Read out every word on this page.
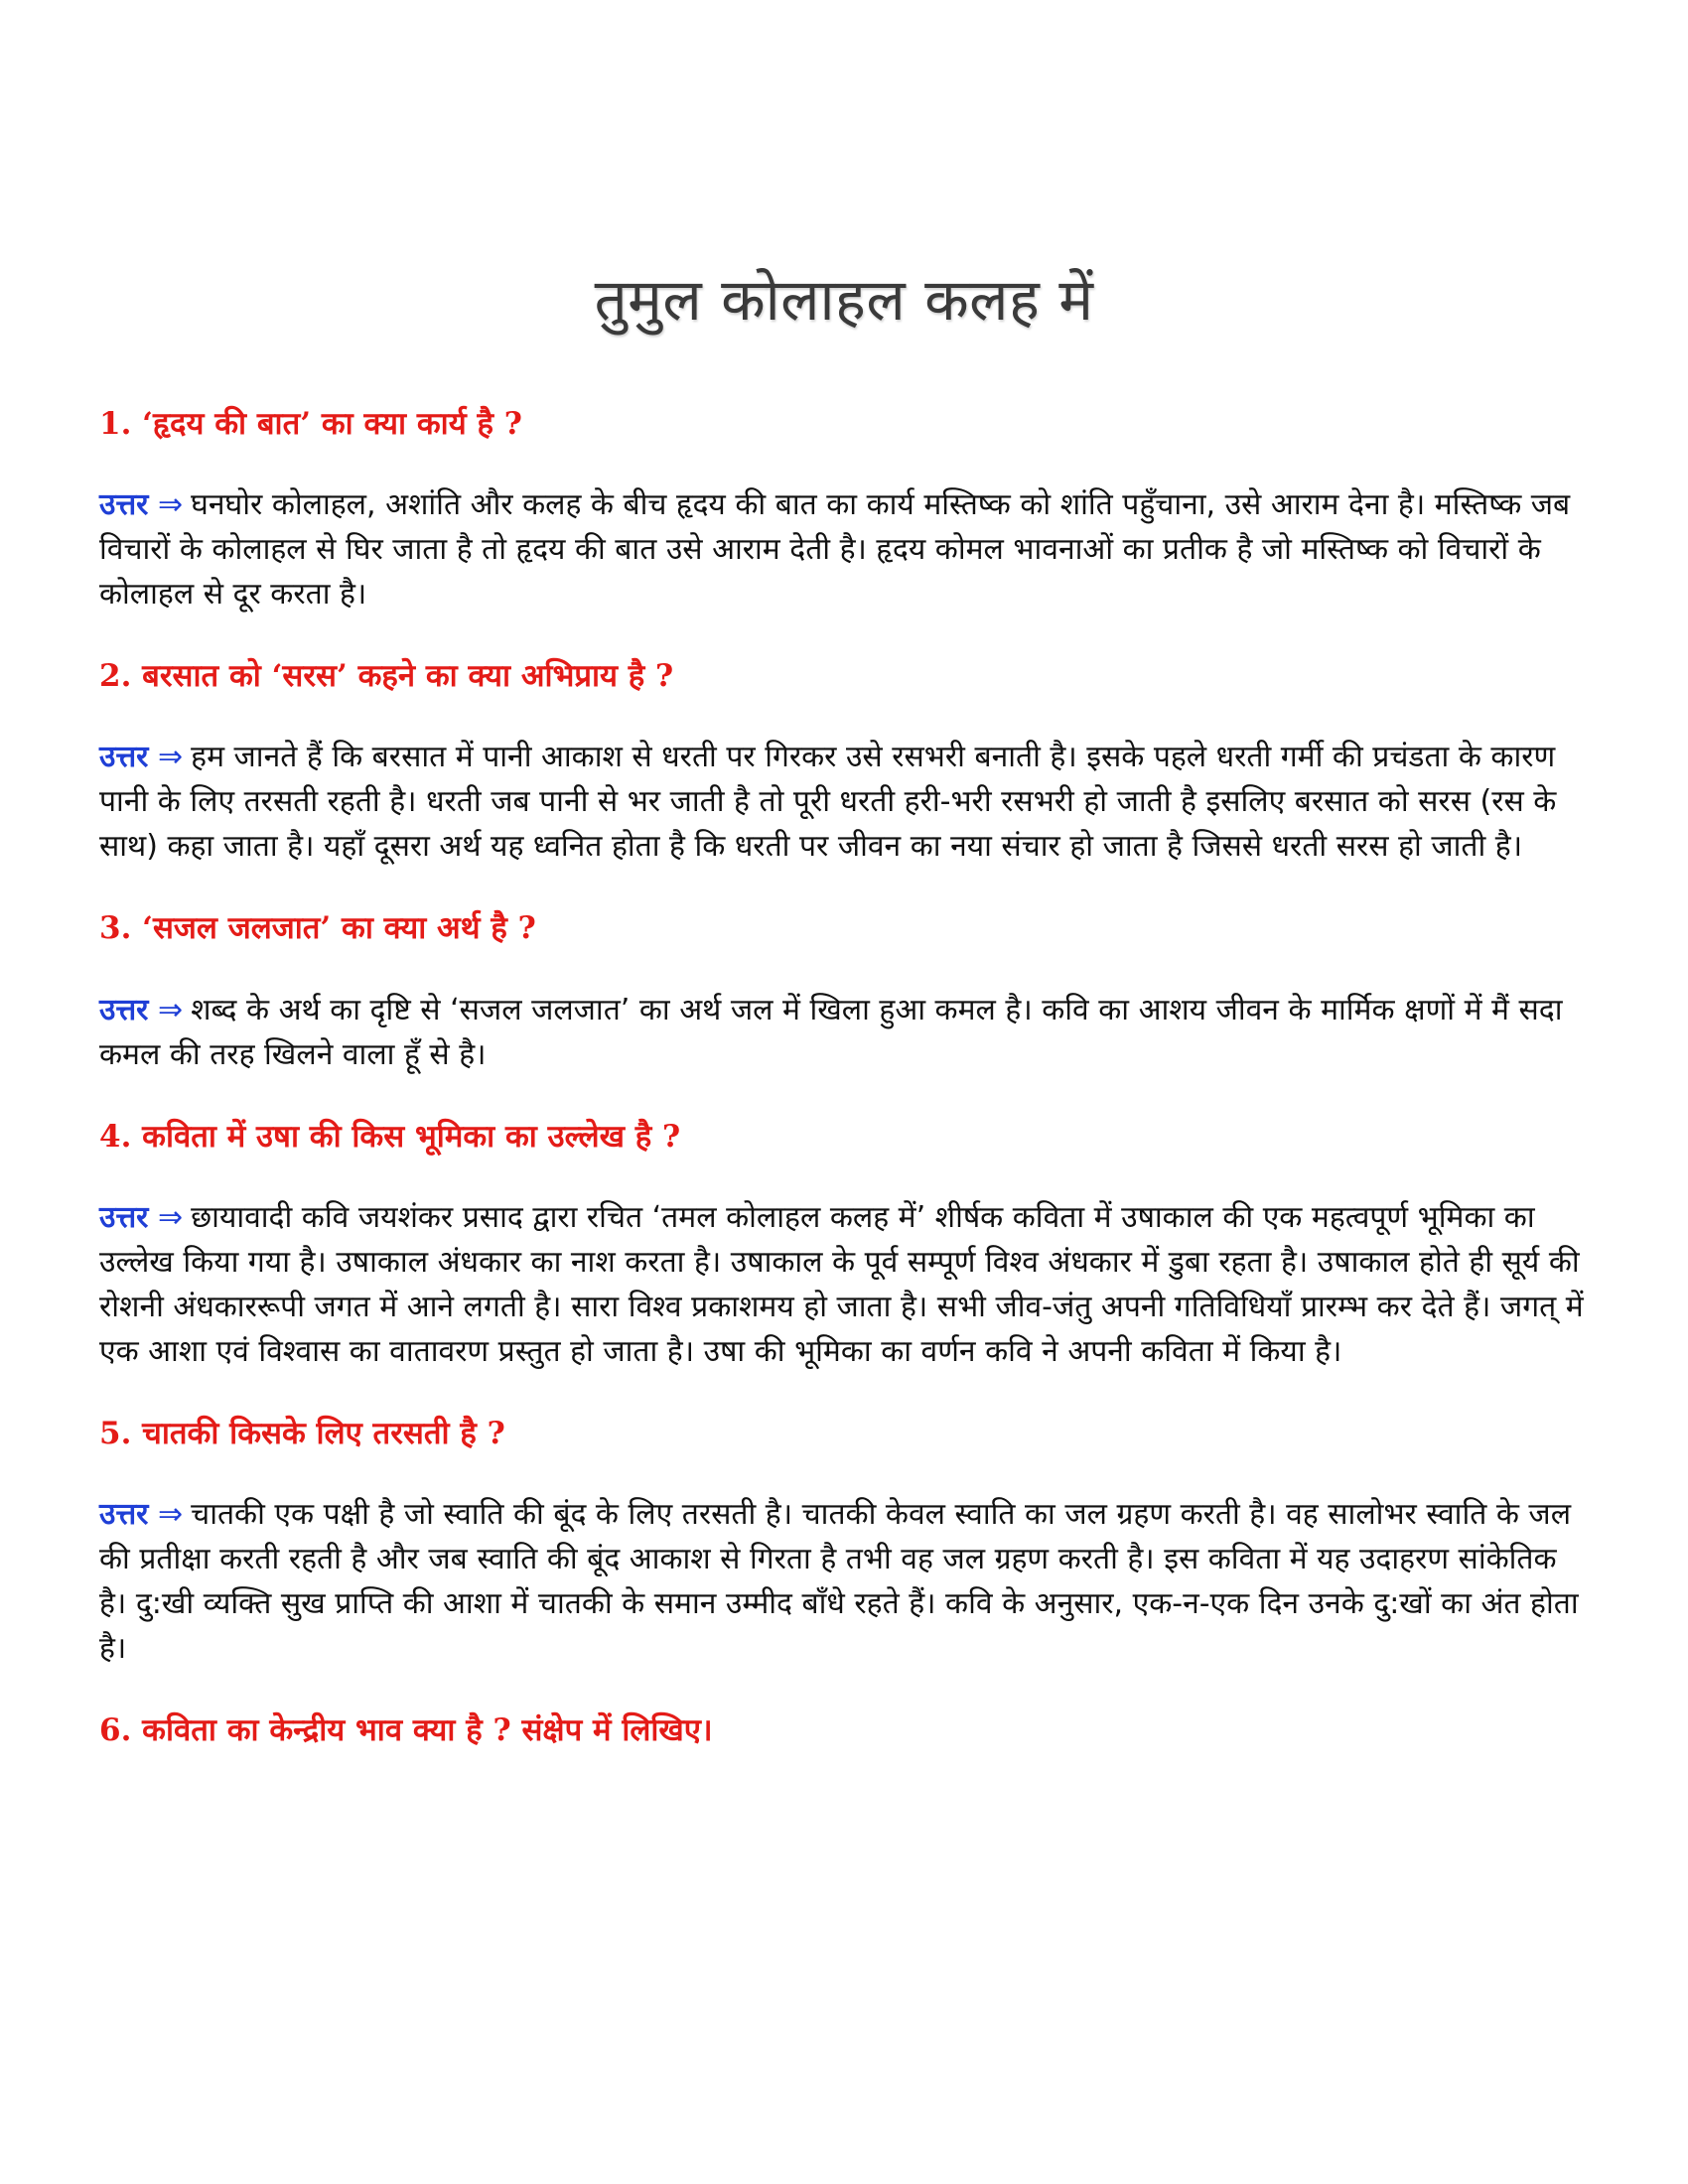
तुमुल कोलाहल कलह में

1. ‘हृदय की बात’ का क्या कार्य है ?

उत्तर ⇒ घनघोर कोलाहल, अशांति और कलह के बीच हृदय की बात का कार्य मस्तिष्क को शांति पहुँचाना, उसे आराम देना है। मस्तिष्क जब विचारों के कोलाहल से घिर जाता है तो हृदय की बात उसे आराम देती है। हृदय कोमल भावनाओं का प्रतीक है जो मस्तिष्क को विचारों के कोलाहल से दूर करता है।

2. बरसात को ‘सरस’ कहने का क्या अभिप्राय है ?

उत्तर ⇒ हम जानते हैं कि बरसात में पानी आकाश से धरती पर गिरकर उसे रसभरी बनाती है। इसके पहले धरती गर्मी की प्रचंडता के कारण पानी के लिए तरसती रहती है। धरती जब पानी से भर जाती है तो पूरी धरती हरी-भरी रसभरी हो जाती है इसलिए बरसात को सरस (रस के साथ) कहा जाता है। यहाँ दूसरा अर्थ यह ध्वनित होता है कि धरती पर जीवन का नया संचार हो जाता है जिससे धरती सरस हो जाती है।

3. ‘सजल जलजात’ का क्या अर्थ है ?

उत्तर ⇒ शब्द के अर्थ का दृष्टि से ‘सजल जलजात’ का अर्थ जल में खिला हुआ कमल है। कवि का आशय जीवन के मार्मिक क्षणों में मैं सदा कमल की तरह खिलने वाला हूँ से है।

4. कविता में उषा की किस भूमिका का उल्लेख है ?

उत्तर ⇒ छायावादी कवि जयशंकर प्रसाद द्वारा रचित ‘तमल कोलाहल कलह में’ शीर्षक कविता में उषाकाल की एक महत्वपूर्ण भूमिका का उल्लेख किया गया है। उषाकाल अंधकार का नाश करता है। उषाकाल के पूर्व सम्पूर्ण विश्व अंधकार में डुबा रहता है। उषाकाल होते ही सूर्य की रोशनी अंधकाररूपी जगत में आने लगती है। सारा विश्व प्रकाशमय हो जाता है। सभी जीव-जंतु अपनी गतिविधियाँ प्रारम्भ कर देते हैं। जगत् में एक आशा एवं विश्वास का वातावरण प्रस्तुत हो जाता है। उषा की भूमिका का वर्णन कवि ने अपनी कविता में किया है।

5. चातकी किसके लिए तरसती है ?

उत्तर ⇒ चातकी एक पक्षी है जो स्वाति की बूंद के लिए तरसती है। चातकी केवल स्वाति का जल ग्रहण करती है। वह सालोभर स्वाति के जल की प्रतीक्षा करती रहती है और जब स्वाति की बूंद आकाश से गिरता है तभी वह जल ग्रहण करती है। इस कविता में यह उदाहरण सांकेतिक है। दु:खी व्यक्ति सुख प्राप्ति की आशा में चातकी के समान उम्मीद बाँधे रहते हैं। कवि के अनुसार, एक-न-एक दिन उनके दु:खों का अंत होता है।

6. कविता का केन्द्रीय भाव क्या है ? संक्षेप में लिखिए।
